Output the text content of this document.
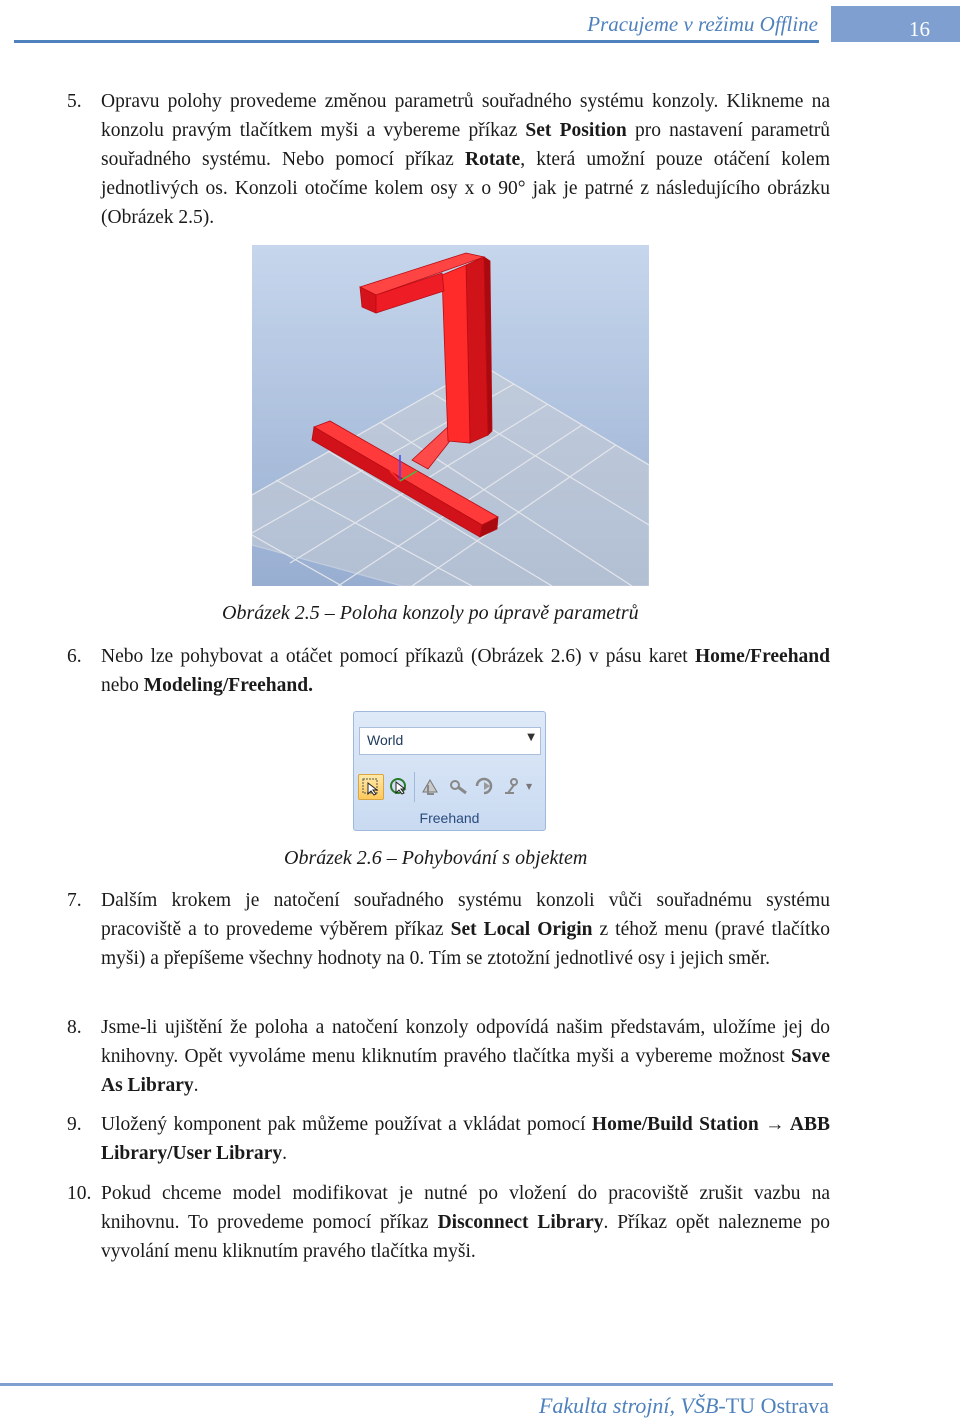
Pracujeme v režimu Offline	16
5. Opravu polohy provedeme změnou parametrů souřadného systému konzoly. Klikneme na konzolu pravým tlačítkem myši a vybereme příkaz Set Position pro nastavení parametrů souřadného systému. Nebo pomocí příkaz Rotate, která umožní pouze otáčení kolem jednotlivých os. Konzoli otočíme kolem osy x o 90° jak je patrné z následujícího obrázku (Obrázek 2.5).
Obrázek 2.5 – Poloha konzoly po úpravě parametrů
6. Nebo lze pohybovat a otáčet pomocí příkazů (Obrázek 2.6) v pásu karet Home/Freehand nebo Modeling/Freehand.
World	▼
▼
Freehand
Obrázek 2.6 – Pohybování s objektem
7. Dalším krokem je natočení souřadného systému konzoli vůči souřadnému systému pracoviště a to provedeme výběrem příkaz Set Local Origin z téhož menu (pravé tlačítko myši) a přepíšeme všechny hodnoty na 0. Tím se ztotožní jednotlivé osy i jejich směr.
8. Jsme-li ujištění že poloha a natočení konzoly odpovídá našim představám, uložíme jej do knihovny. Opět vyvoláme menu kliknutím pravého tlačítka myši a vybereme možnost Save As Library.
9. Uložený komponent pak můžeme používat a vkládat pomocí Home/Build Station → ABB Library/User Library.
10. Pokud chceme model modifikovat je nutné po vložení do pracoviště zrušit vazbu na knihovnu. To provedeme pomocí příkaz Disconnect Library. Příkaz opět nalezneme po vyvolání menu kliknutím pravého tlačítka myši.
Fakulta strojní, VŠB-TU Ostrava
